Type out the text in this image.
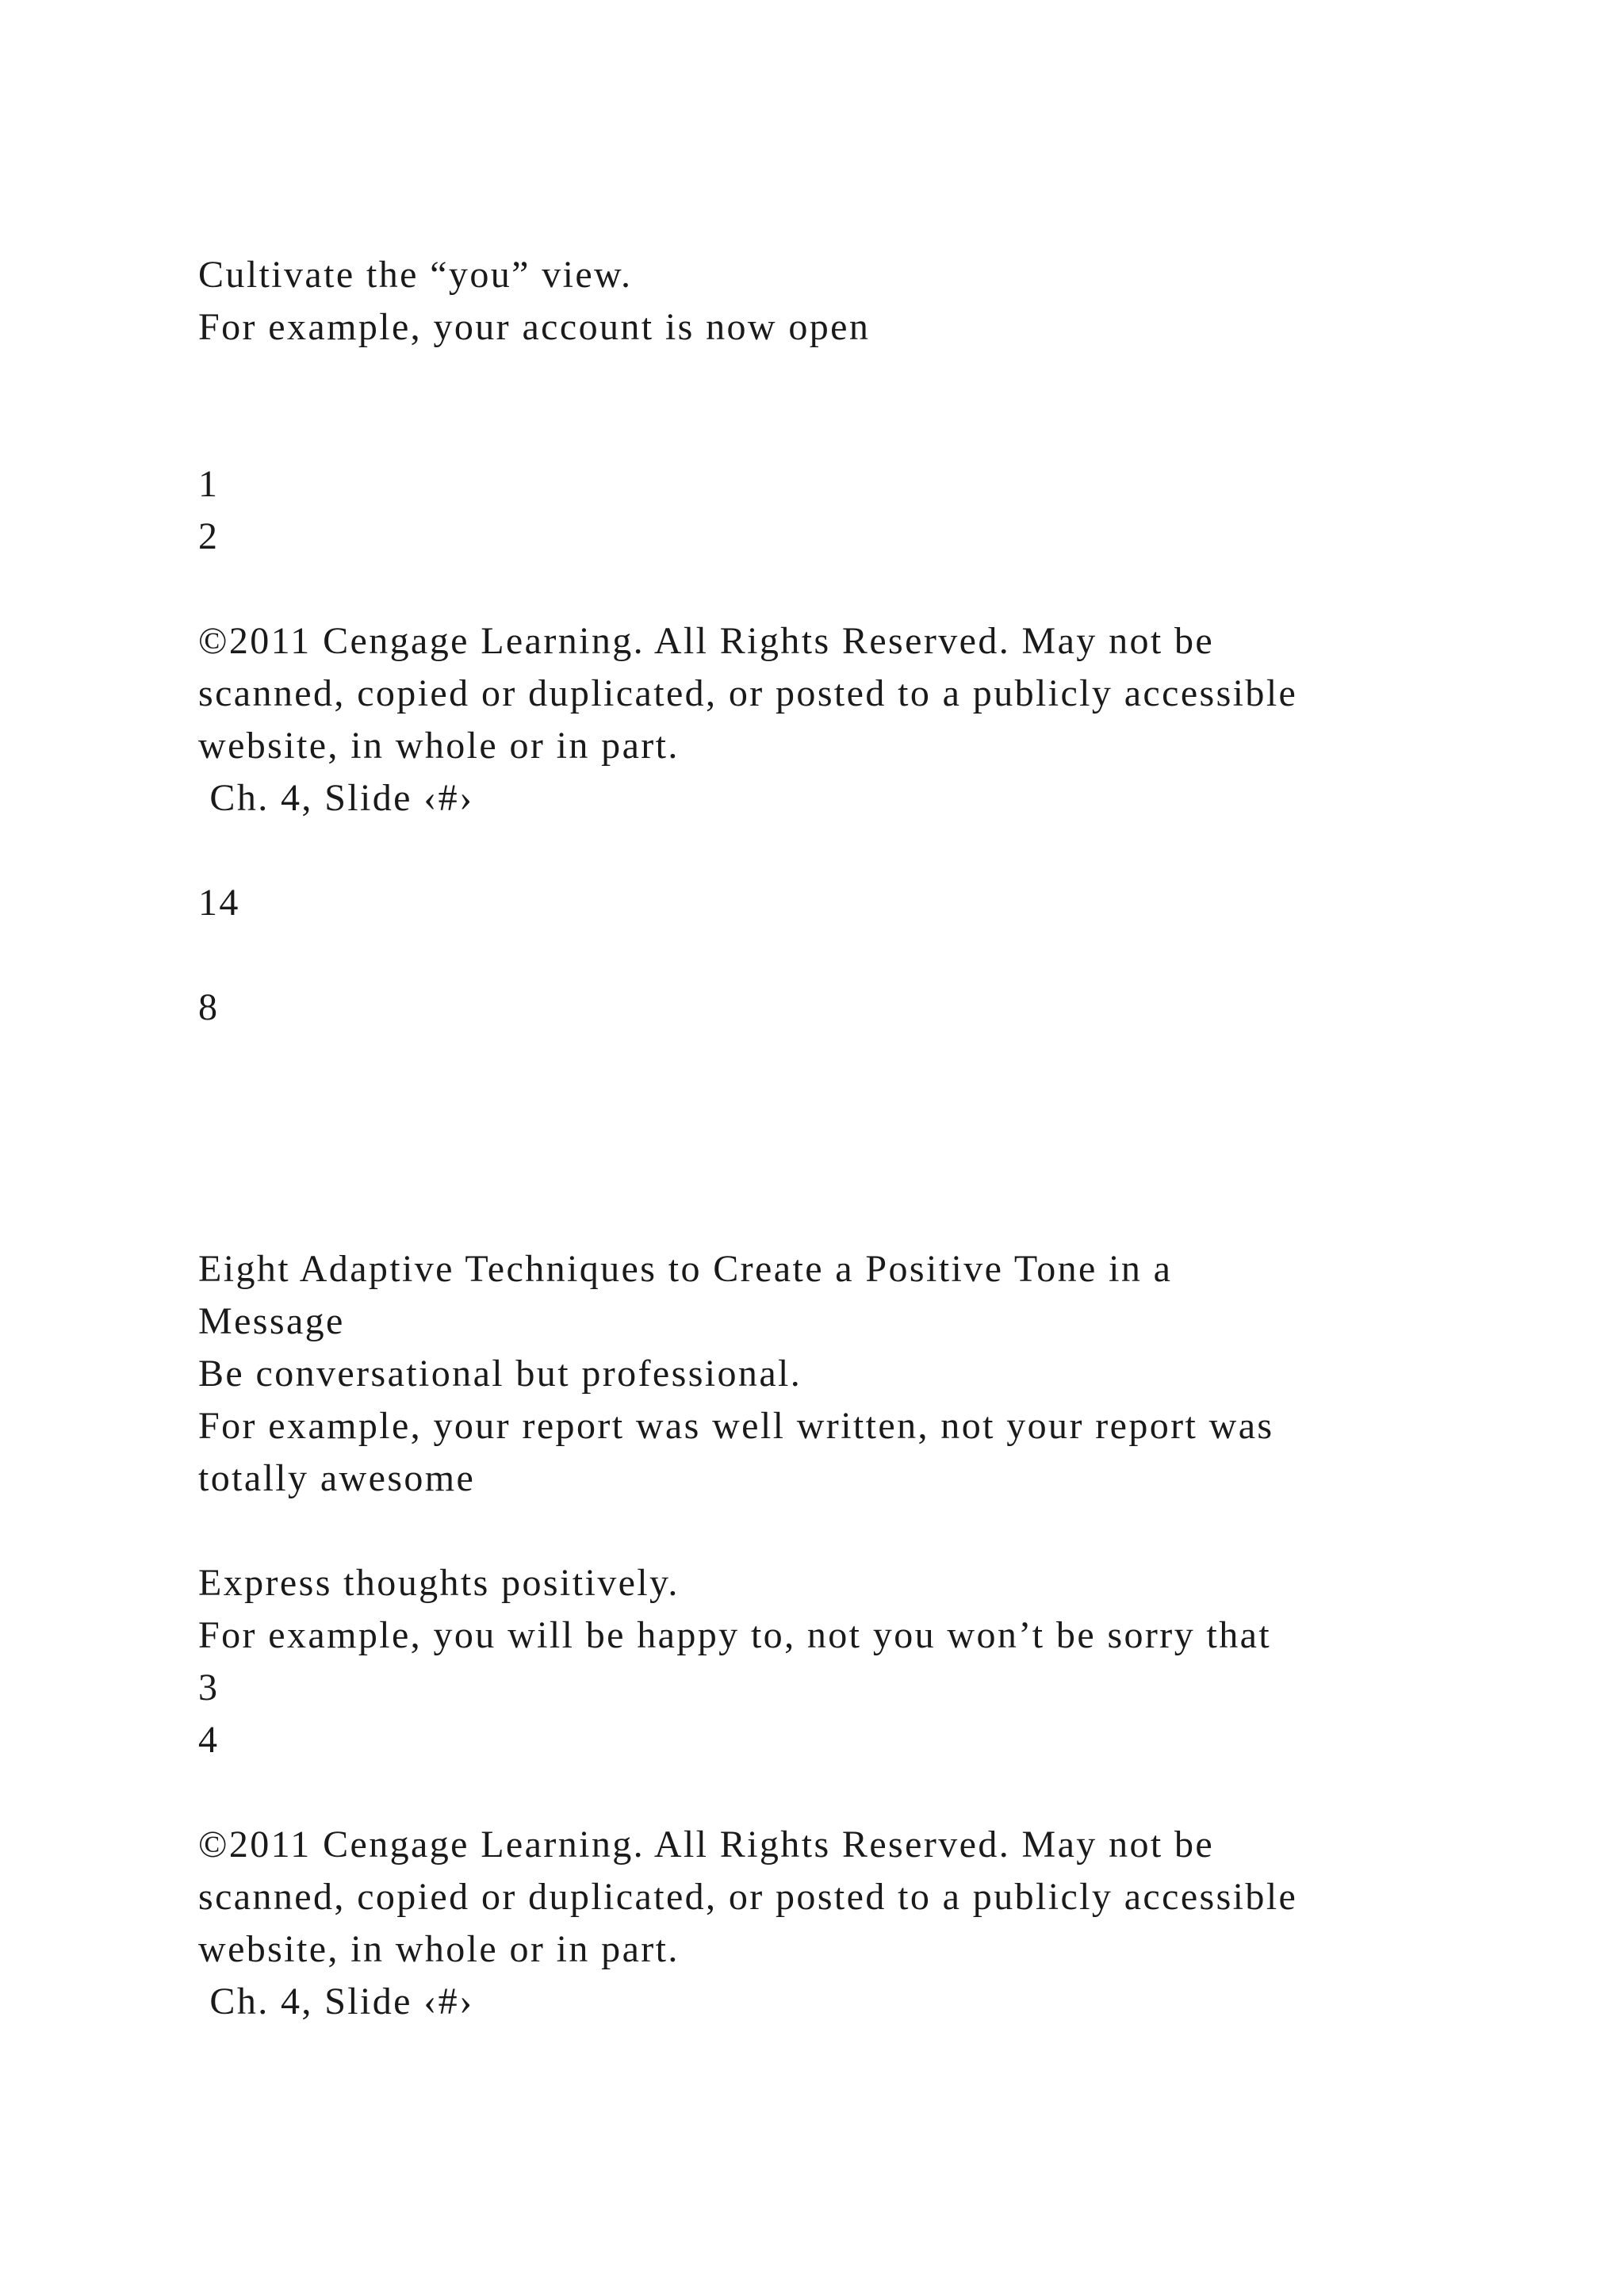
Cultivate the “you” view.

For example, your account is now open

1

2

©2011 Cengage Learning. All Rights Reserved. May not be

scanned, copied or duplicated, or posted to a publicly accessible

website, in whole or in part.

Ch. 4, Slide ‹#›

14

8

Eight Adaptive Techniques to Create a Positive Tone in a

Message

Be conversational but professional.

For example, your report was well written, not your report was

totally awesome

Express thoughts positively.

For example, you will be happy to, not you won’t be sorry that

3

4

©2011 Cengage Learning. All Rights Reserved. May not be

scanned, copied or duplicated, or posted to a publicly accessible

website, in whole or in part.

Ch. 4, Slide ‹#›
